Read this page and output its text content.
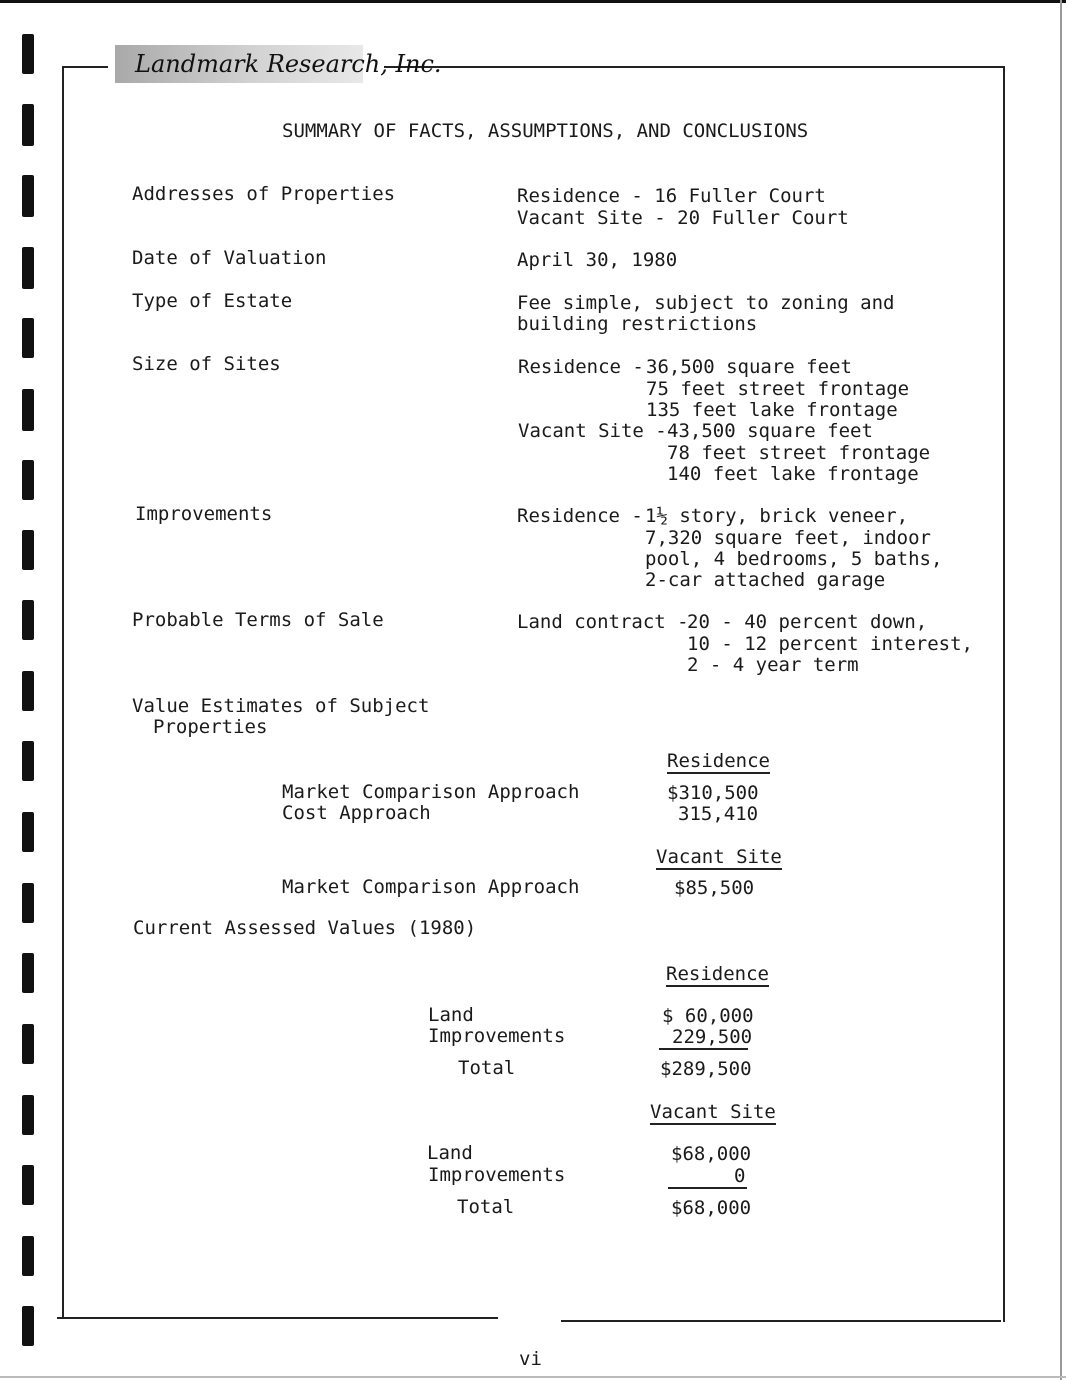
Landmark Research, Inc.
SUMMARY OF FACTS, ASSUMPTIONS, AND CONCLUSIONS
Addresses of Properties	Residence - 16 Fuller Court
Vacant Site - 20 Fuller Court
Date of Valuation	April 30, 1980
Type of Estate	Fee simple, subject to zoning and
building restrictions
Size of Sites	Residence - 36,500 square feet
75 feet street frontage
135 feet lake frontage
Vacant Site - 43,500 square feet
78 feet street frontage
140 feet lake frontage
Improvements	Residence - 1½ story, brick veneer,
7,320 square feet, indoor
pool, 4 bedrooms, 5 baths,
2-car attached garage
Probable Terms of Sale	Land contract -
20 - 40 percent down,
10 - 12 percent interest,
2 - 4 year term
Value Estimates of Subject
Properties
Residence
Market Comparison Approach	$310,500
Cost Approach	315,410
Vacant Site
Market Comparison Approach	$85,500
Current Assessed Values (1980)
Residence
Land	$ 60,000
Improvements	229,500
Total	$289,500
Vacant Site
Land	$68,000
Improvements	0
Total	$68,000
vi
